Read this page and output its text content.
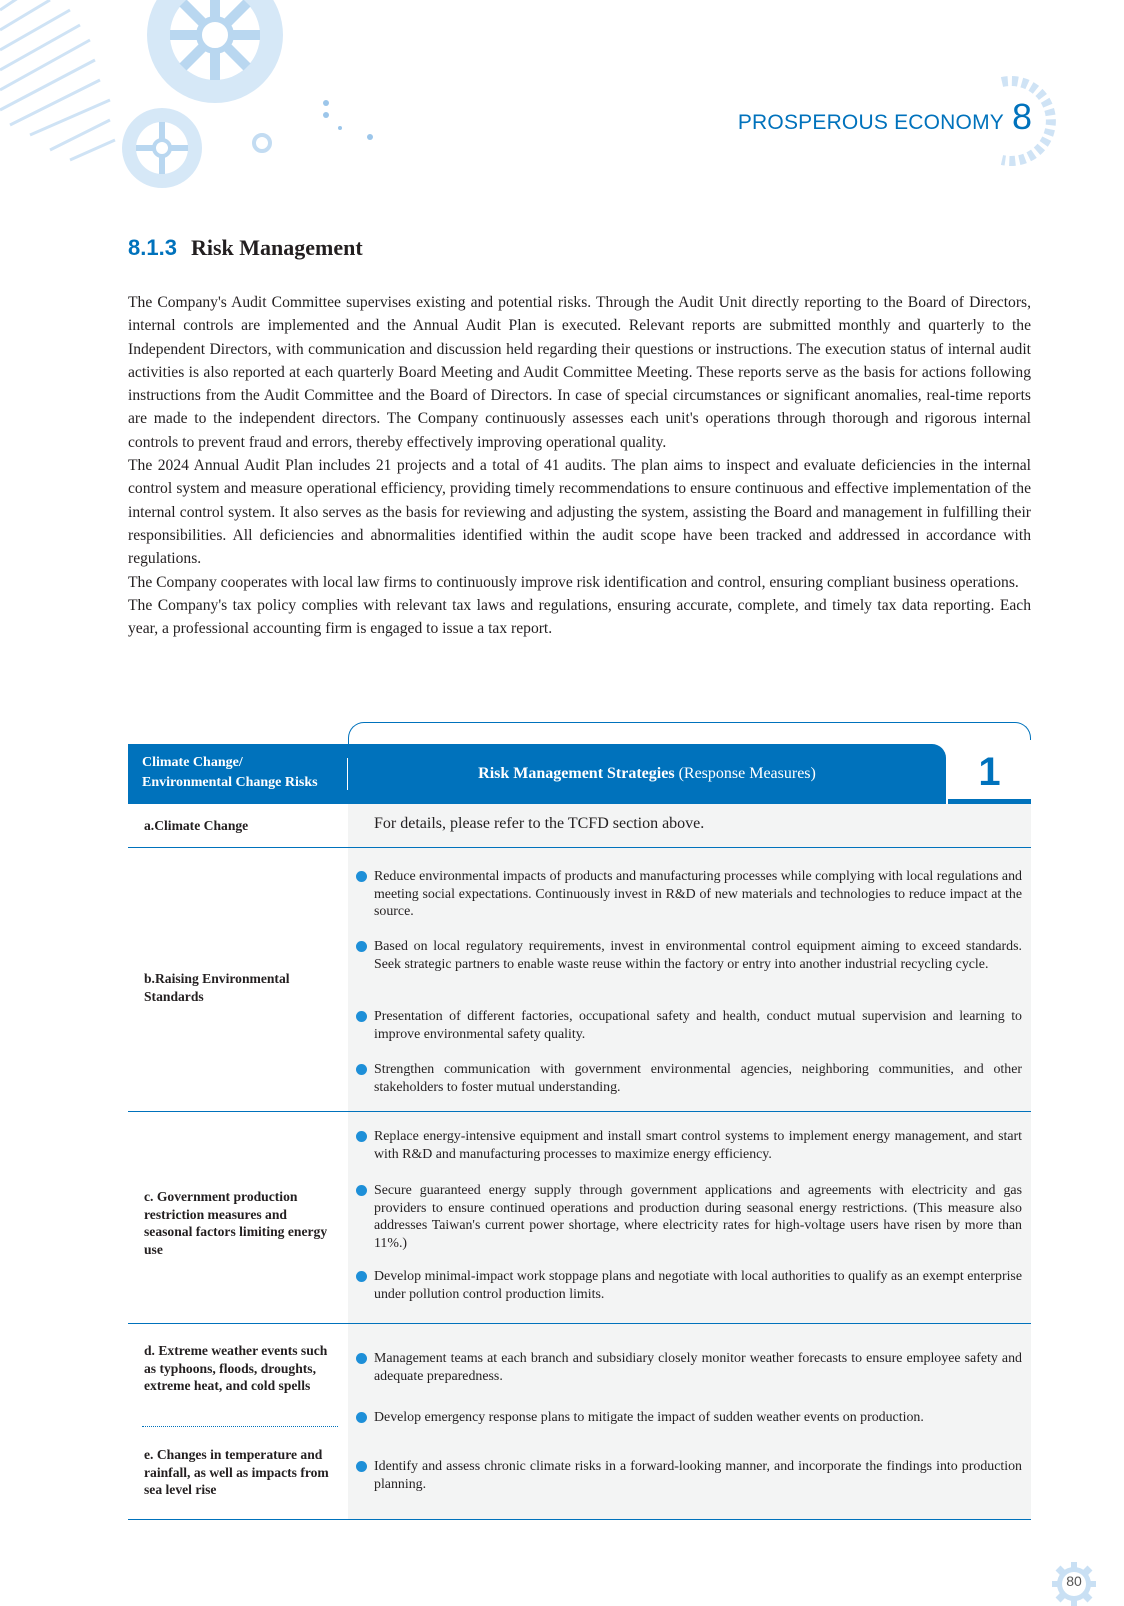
PROSPEROUS ECONOMY 8
8.1.3 Risk Management

The Company's Audit Committee supervises existing and potential risks. Through the Audit Unit directly reporting to the Board of Directors, internal controls are implemented and the Annual Audit Plan is executed. Relevant reports are submitted monthly and quarterly to the Independent Directors, with communication and discussion held regarding their questions or instructions. The execution status of internal audit activities is also reported at each quarterly Board Meeting and Audit Committee Meeting. These reports serve as the basis for actions following instructions from the Audit Committee and the Board of Directors. In case of special circumstances or significant anomalies, real-time reports are made to the independent directors. The Company continuously assesses each unit's operations through thorough and rigorous internal controls to prevent fraud and errors, thereby effectively improving operational quality.

The 2024 Annual Audit Plan includes 21 projects and a total of 41 audits. The plan aims to inspect and evaluate deficiencies in the internal control system and measure operational efficiency, providing timely recommendations to ensure continuous and effective implementation of the internal control system. It also serves as the basis for reviewing and adjusting the system, assisting the Board and management in fulfilling their responsibilities. All deficiencies and abnormalities identified within the audit scope have been tracked and addressed in accordance with regulations.

The Company cooperates with local law firms to continuously improve risk identification and control, ensuring compliant business operations.

The Company's tax policy complies with relevant tax laws and regulations, ensuring accurate, complete, and timely tax data reporting. Each year, a professional accounting firm is engaged to issue a tax report.

Climate Change/
Environmental Change Risks
Risk Management Strategies (Response Measures)	1
a.Climate Change	For details, please refer to the TCFD section above.
b.Raising Environmental Standards
Reduce environmental impacts of products and manufacturing processes while complying with local regulations and meeting social expectations. Continuously invest in R&D of new materials and technologies to reduce impact at the source.
Based on local regulatory requirements, invest in environmental control equipment aiming to exceed standards. Seek strategic partners to enable waste reuse within the factory or entry into another industrial recycling cycle.
Presentation of different factories, occupational safety and health, conduct mutual supervision and learning to improve environmental safety quality.
Strengthen communication with government environmental agencies, neighboring communities, and other stakeholders to foster mutual understanding.
c. Government production restriction measures and seasonal factors limiting energy use
Replace energy-intensive equipment and install smart control systems to implement energy management, and start with R&D and manufacturing processes to maximize energy efficiency.
Secure guaranteed energy supply through government applications and agreements with electricity and gas providers to ensure continued operations and production during seasonal energy restrictions. (This measure also addresses Taiwan's current power shortage, where electricity rates for high-voltage users have risen by more than 11%.)
Develop minimal-impact work stoppage plans and negotiate with local authorities to qualify as an exempt enterprise under pollution control production limits.
d. Extreme weather events such as typhoons, floods, droughts, extreme heat, and cold spells
e. Changes in temperature and rainfall, as well as impacts from sea level rise
Management teams at each branch and subsidiary closely monitor weather forecasts to ensure employee safety and adequate preparedness.
Develop emergency response plans to mitigate the impact of sudden weather events on production.
Identify and assess chronic climate risks in a forward-looking manner, and incorporate the findings into production planning.
80
